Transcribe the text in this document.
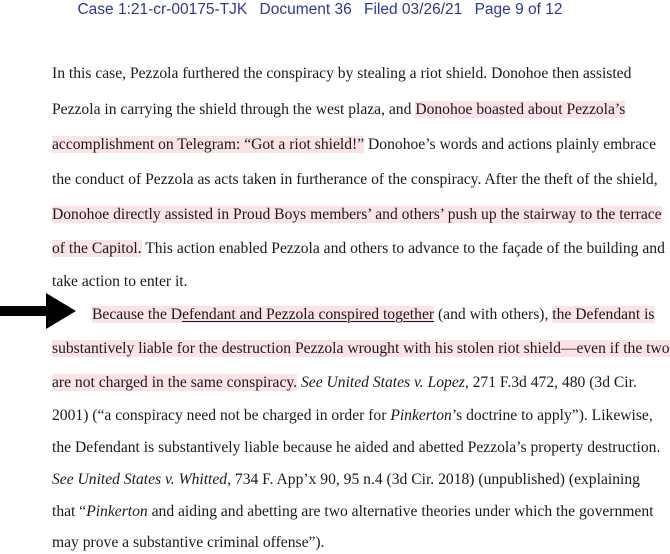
Case 1:21-cr-00175-TJK Document 36 Filed 03/26/21 Page 9 of 12
In this case, Pezzola furthered the conspiracy by stealing a riot shield. Donohoe then assisted
Pezzola in carrying the shield through the west plaza, and Donohoe boasted about Pezzola’s
accomplishment on Telegram: “Got a riot shield!” Donohoe’s words and actions plainly embrace
the conduct of Pezzola as acts taken in furtherance of the conspiracy. After the theft of the shield,
Donohoe directly assisted in Proud Boys members’ and others’ push up the stairway to the terrace
of the Capitol. This action enabled Pezzola and others to advance to the façade of the building and
take action to enter it.
Because the Defendant and Pezzola conspired together (and with others), the Defendant is
substantively liable for the destruction Pezzola wrought with his stolen riot shield—even if the two
are not charged in the same conspiracy. See United States v. Lopez, 271 F.3d 472, 480 (3d Cir.
2001) (“a conspiracy need not be charged in order for Pinkerton’s doctrine to apply”). Likewise,
the Defendant is substantively liable because he aided and abetted Pezzola’s property destruction.
See United States v. Whitted, 734 F. App’x 90, 95 n.4 (3d Cir. 2018) (unpublished) (explaining
that “Pinkerton and aiding and abetting are two alternative theories under which the government
may prove a substantive criminal offense”).
